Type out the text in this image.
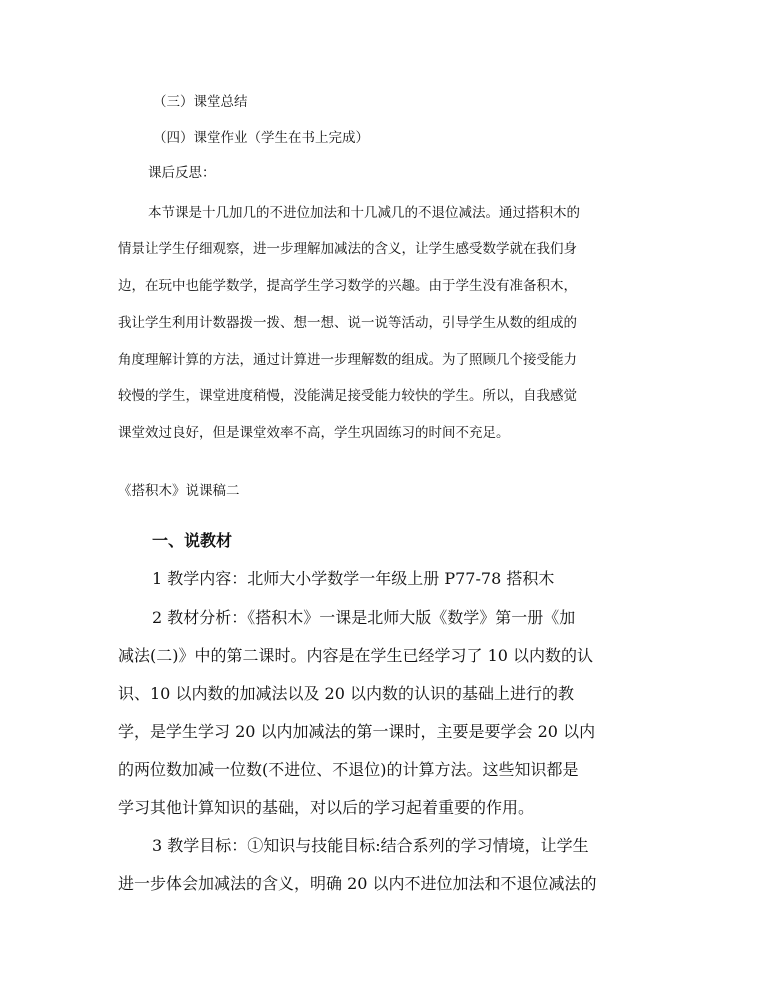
（三）课堂总结
（四）课堂作业（学生在书上完成）
课后反思：
本节课是十几加几的不进位加法和十几减几的不退位减法。通过搭积木的
情景让学生仔细观察，进一步理解加减法的含义，让学生感受数学就在我们身
边，在玩中也能学数学，提高学生学习数学的兴趣。由于学生没有准备积木，
我让学生利用计数器拨一拨、想一想、说一说等活动，引导学生从数的组成的
角度理解计算的方法，通过计算进一步理解数的组成。为了照顾几个接受能力
较慢的学生，课堂进度稍慢，没能满足接受能力较快的学生。所以，自我感觉
课堂效过良好，但是课堂效率不高，学生巩固练习的时间不充足。
《搭积木》说课稿二
一、说教材
1 教学内容：北师大小学数学一年级上册 P77-78 搭积木
2 教材分析：《搭积木》一课是北师大版《数学》第一册《加
减法(二)》中的第二课时。内容是在学生已经学习了 10 以内数的认
识、10 以内数的加减法以及 20 以内数的认识的基础上进行的教
学，是学生学习 20 以内加减法的第一课时，主要是要学会 20 以内
的两位数加减一位数(不进位、不退位)的计算方法。这些知识都是
学习其他计算知识的基础，对以后的学习起着重要的作用。
3 教学目标：①知识与技能目标:结合系列的学习情境，让学生
进一步体会加减法的含义，明确 20 以内不进位加法和不退位减法的
